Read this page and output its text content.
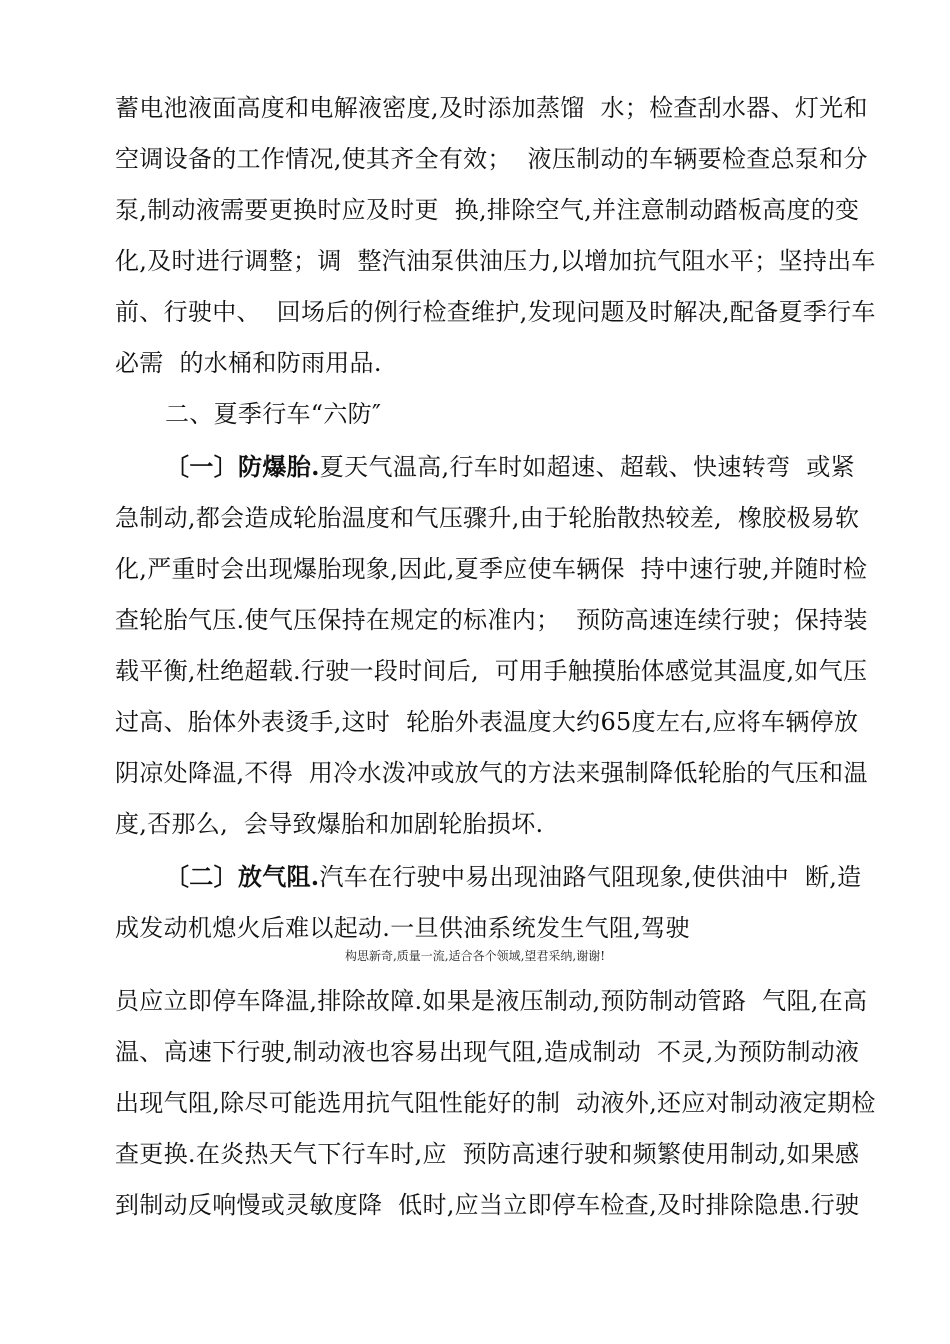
蓄电池液面高度和电解液密度,及时添加蒸馏  水；检查刮水器、灯光和
空调设备的工作情况,使其齐全有效；  液压制动的车辆要检查总泵和分
泵,制动液需要更换时应及时更  换,排除空气,并注意制动踏板高度的变
化,及时进行调整；调  整汽油泵供油压力,以增加抗气阻水平；坚持出车
前、行驶中、  回场后的例行检查维护,发现问题及时解决,配备夏季行车
必需  的水桶和防雨用品.
二、夏季行车“六防″
〔一〕防爆胎.夏天气温高,行车时如超速、超载、快速转弯  或紧
急制动,都会造成轮胎温度和气压骤升,由于轮胎散热较差,  橡胶极易软
化,严重时会出现爆胎现象,因此,夏季应使车辆保  持中速行驶,并随时检
查轮胎气压.使气压保持在规定的标准内；  预防高速连续行驶；保持装
载平衡,杜绝超载.行驶一段时间后,  可用手触摸胎体感觉其温度,如气压
过高、胎体外表烫手,这时  轮胎外表温度大约65度左右,应将车辆停放
阴凉处降温,不得  用冷水泼冲或放气的方法来强制降低轮胎的气压和温
度,否那么,  会导致爆胎和加剧轮胎损坏.
〔二〕放气阻.汽车在行驶中易出现油路气阻现象,使供油中  断,造
成发动机熄火后难以起动.一旦供油系统发生气阻,驾驶
构思新奇,质量一流,适合各个领域,望君采纳,谢谢!
员应立即停车降温,排除故障.如果是液压制动,预防制动管路  气阻,在高
温、高速下行驶,制动液也容易出现气阻,造成制动  不灵,为预防制动液
出现气阻,除尽可能选用抗气阻性能好的制  动液外,还应对制动液定期检
查更换.在炎热天气下行车时,应  预防高速行驶和频繁使用制动,如果感
到制动反响慢或灵敏度降  低时,应当立即停车检查,及时排除隐患.行驶
